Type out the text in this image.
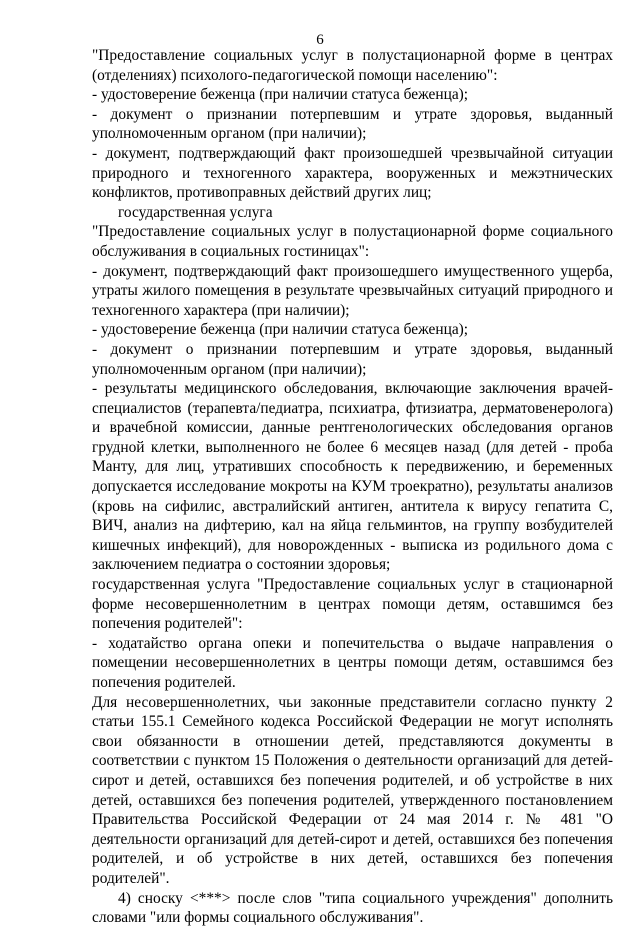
6

"Предоставление социальных услуг в полустационарной форме в центрах (отделениях) психолого-педагогической помощи населению":

- удостоверение беженца (при наличии статуса беженца);

- документ о признании потерпевшим и утрате здоровья, выданный уполномоченным органом (при наличии);

- документ, подтверждающий факт произошедшей чрезвычайной ситуации природного и техногенного характера, вооруженных и межэтнических конфликтов, противоправных действий других лиц;

государственная услуга

"Предоставление социальных услуг в полустационарной форме социального обслуживания в социальных гостиницах":

- документ, подтверждающий факт произошедшего имущественного ущерба, утраты жилого помещения в результате чрезвычайных ситуаций природного и техногенного характера (при наличии);

- удостоверение беженца (при наличии статуса беженца);

- документ о признании потерпевшим и утрате здоровья, выданный уполномоченным органом (при наличии);

- результаты медицинского обследования, включающие заключения врачей-специалистов (терапевта/педиатра, психиатра, фтизиатра, дерматовенеролога) и врачебной комиссии, данные рентгенологических обследования органов грудной клетки, выполненного не более 6 месяцев назад (для детей - проба Манту, для лиц, утративших способность к передвижению, и беременных допускается исследование мокроты на КУМ троекратно), результаты анализов (кровь на сифилис, австралийский антиген, антитела к вирусу гепатита С, ВИЧ, анализ на дифтерию, кал на яйца гельминтов, на группу возбудителей кишечных инфекций), для новорожденных - выписка из родильного дома с заключением педиатра о состоянии здоровья;

государственная услуга "Предоставление социальных услуг в стационарной форме несовершеннолетним в центрах помощи детям, оставшимся без попечения родителей":

- ходатайство органа опеки и попечительства о выдаче направления о помещении несовершеннолетних в центры помощи детям, оставшимся без попечения родителей.

Для несовершеннолетних, чьи законные представители согласно пункту 2 статьи 155.1 Семейного кодекса Российской Федерации не могут исполнять свои обязанности в отношении детей, представляются документы в соответствии с пунктом 15 Положения о деятельности организаций для детей-сирот и детей, оставшихся без попечения родителей, и об устройстве в них детей, оставшихся без попечения родителей, утвержденного постановлением Правительства Российской Федерации от 24 мая 2014 г. № 481 "О деятельности организаций для детей-сирот и детей, оставшихся без попечения родителей, и об устройстве в них детей, оставшихся без попечения родителей".

4) сноску <***> после слов "типа социального учреждения" дополнить словами "или формы социального обслуживания".
